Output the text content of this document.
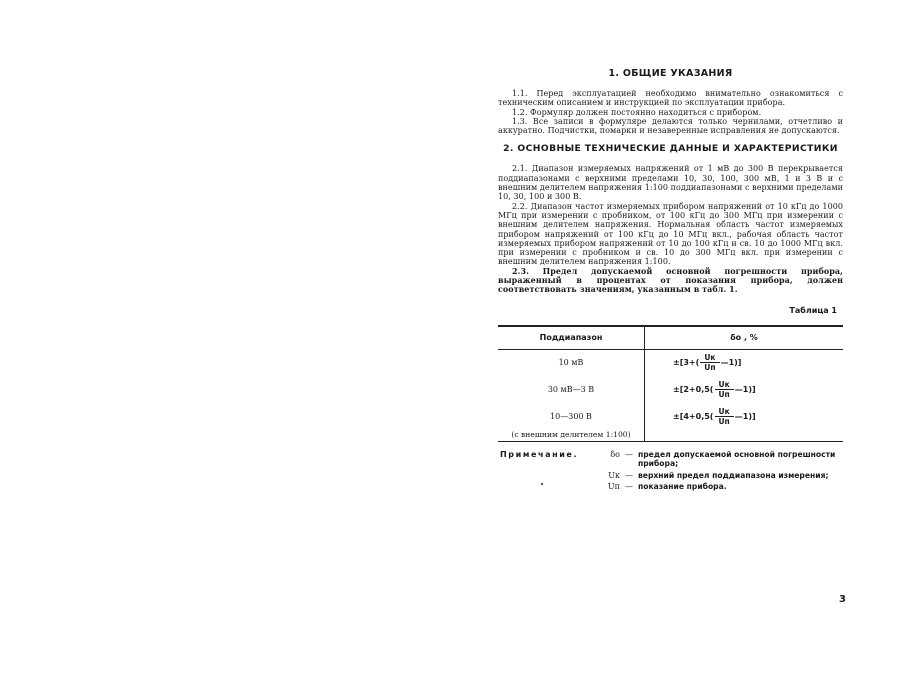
1. ОБЩИЕ УКАЗАНИЯ

1.1. Перед эксплуатацией необходимо внимательно ознакомиться с техническим описанием и инструкцией по эксплуатации прибора.

1.2. Формуляр должен постоянно находиться с прибором.

1.3. Все записи в формуляре делаются только чернилами, отчетливо и аккуратно. Подчистки, помарки и незаверенные исправления не допускаются.

2. ОСНОВНЫЕ ТЕХНИЧЕСКИЕ ДАННЫЕ И ХАРАКТЕРИСТИКИ

2.1. Диапазон измеряемых напряжений от 1 мВ до 300 В перекрывается поддиапазонами с верхними пределами 10, 30, 100, 300 мВ, 1 и 3 В и с внешним делителем напряжения 1:100 поддиапазонами с верхними пределами 10, 30, 100 и 300 В.

2.2. Диапазон частот измеряемых прибором напряжений от 10 кГц до 1000 МГц при измерении с пробником, от 100 кГц до 300 МГц при измерении с внешним делителем напряжения. Нормальная область частот измеряемых прибором напряжений от 100 кГц до 10 МГц вкл., рабочая область частот измеряемых прибором напряжений от 10 до 100 кГц и св. 10 до 1000 МГц вкл. при измерении с пробником и св. 10 до 300 МГц вкл. при измерении с внешним делителем напряжения 1:100.

2.3. Предел допускаемой основной погрешности прибора, выраженный в процентах от показания прибора, должен соответствовать значениям, указанным в табл. 1.

Таблица 1
Поддиапазон	δo , %
10 мВ	$\pm[3+( \frac{Uк}{Uп}$ —1)]

30 мВ—3 В	$\pm[2+0,5( \frac{Uк}{Uп}$ —1)]

10—300 В	$\pm[4+0,5( \frac{Uк}{Uп}$ —1)]

(с внешним делителем 1:100)	
Примечание.	δo — предел допускаемой основной погрешности прибора;
Uк — верхний предел поддиапазона измерения;
Uп — показание прибора.
3
